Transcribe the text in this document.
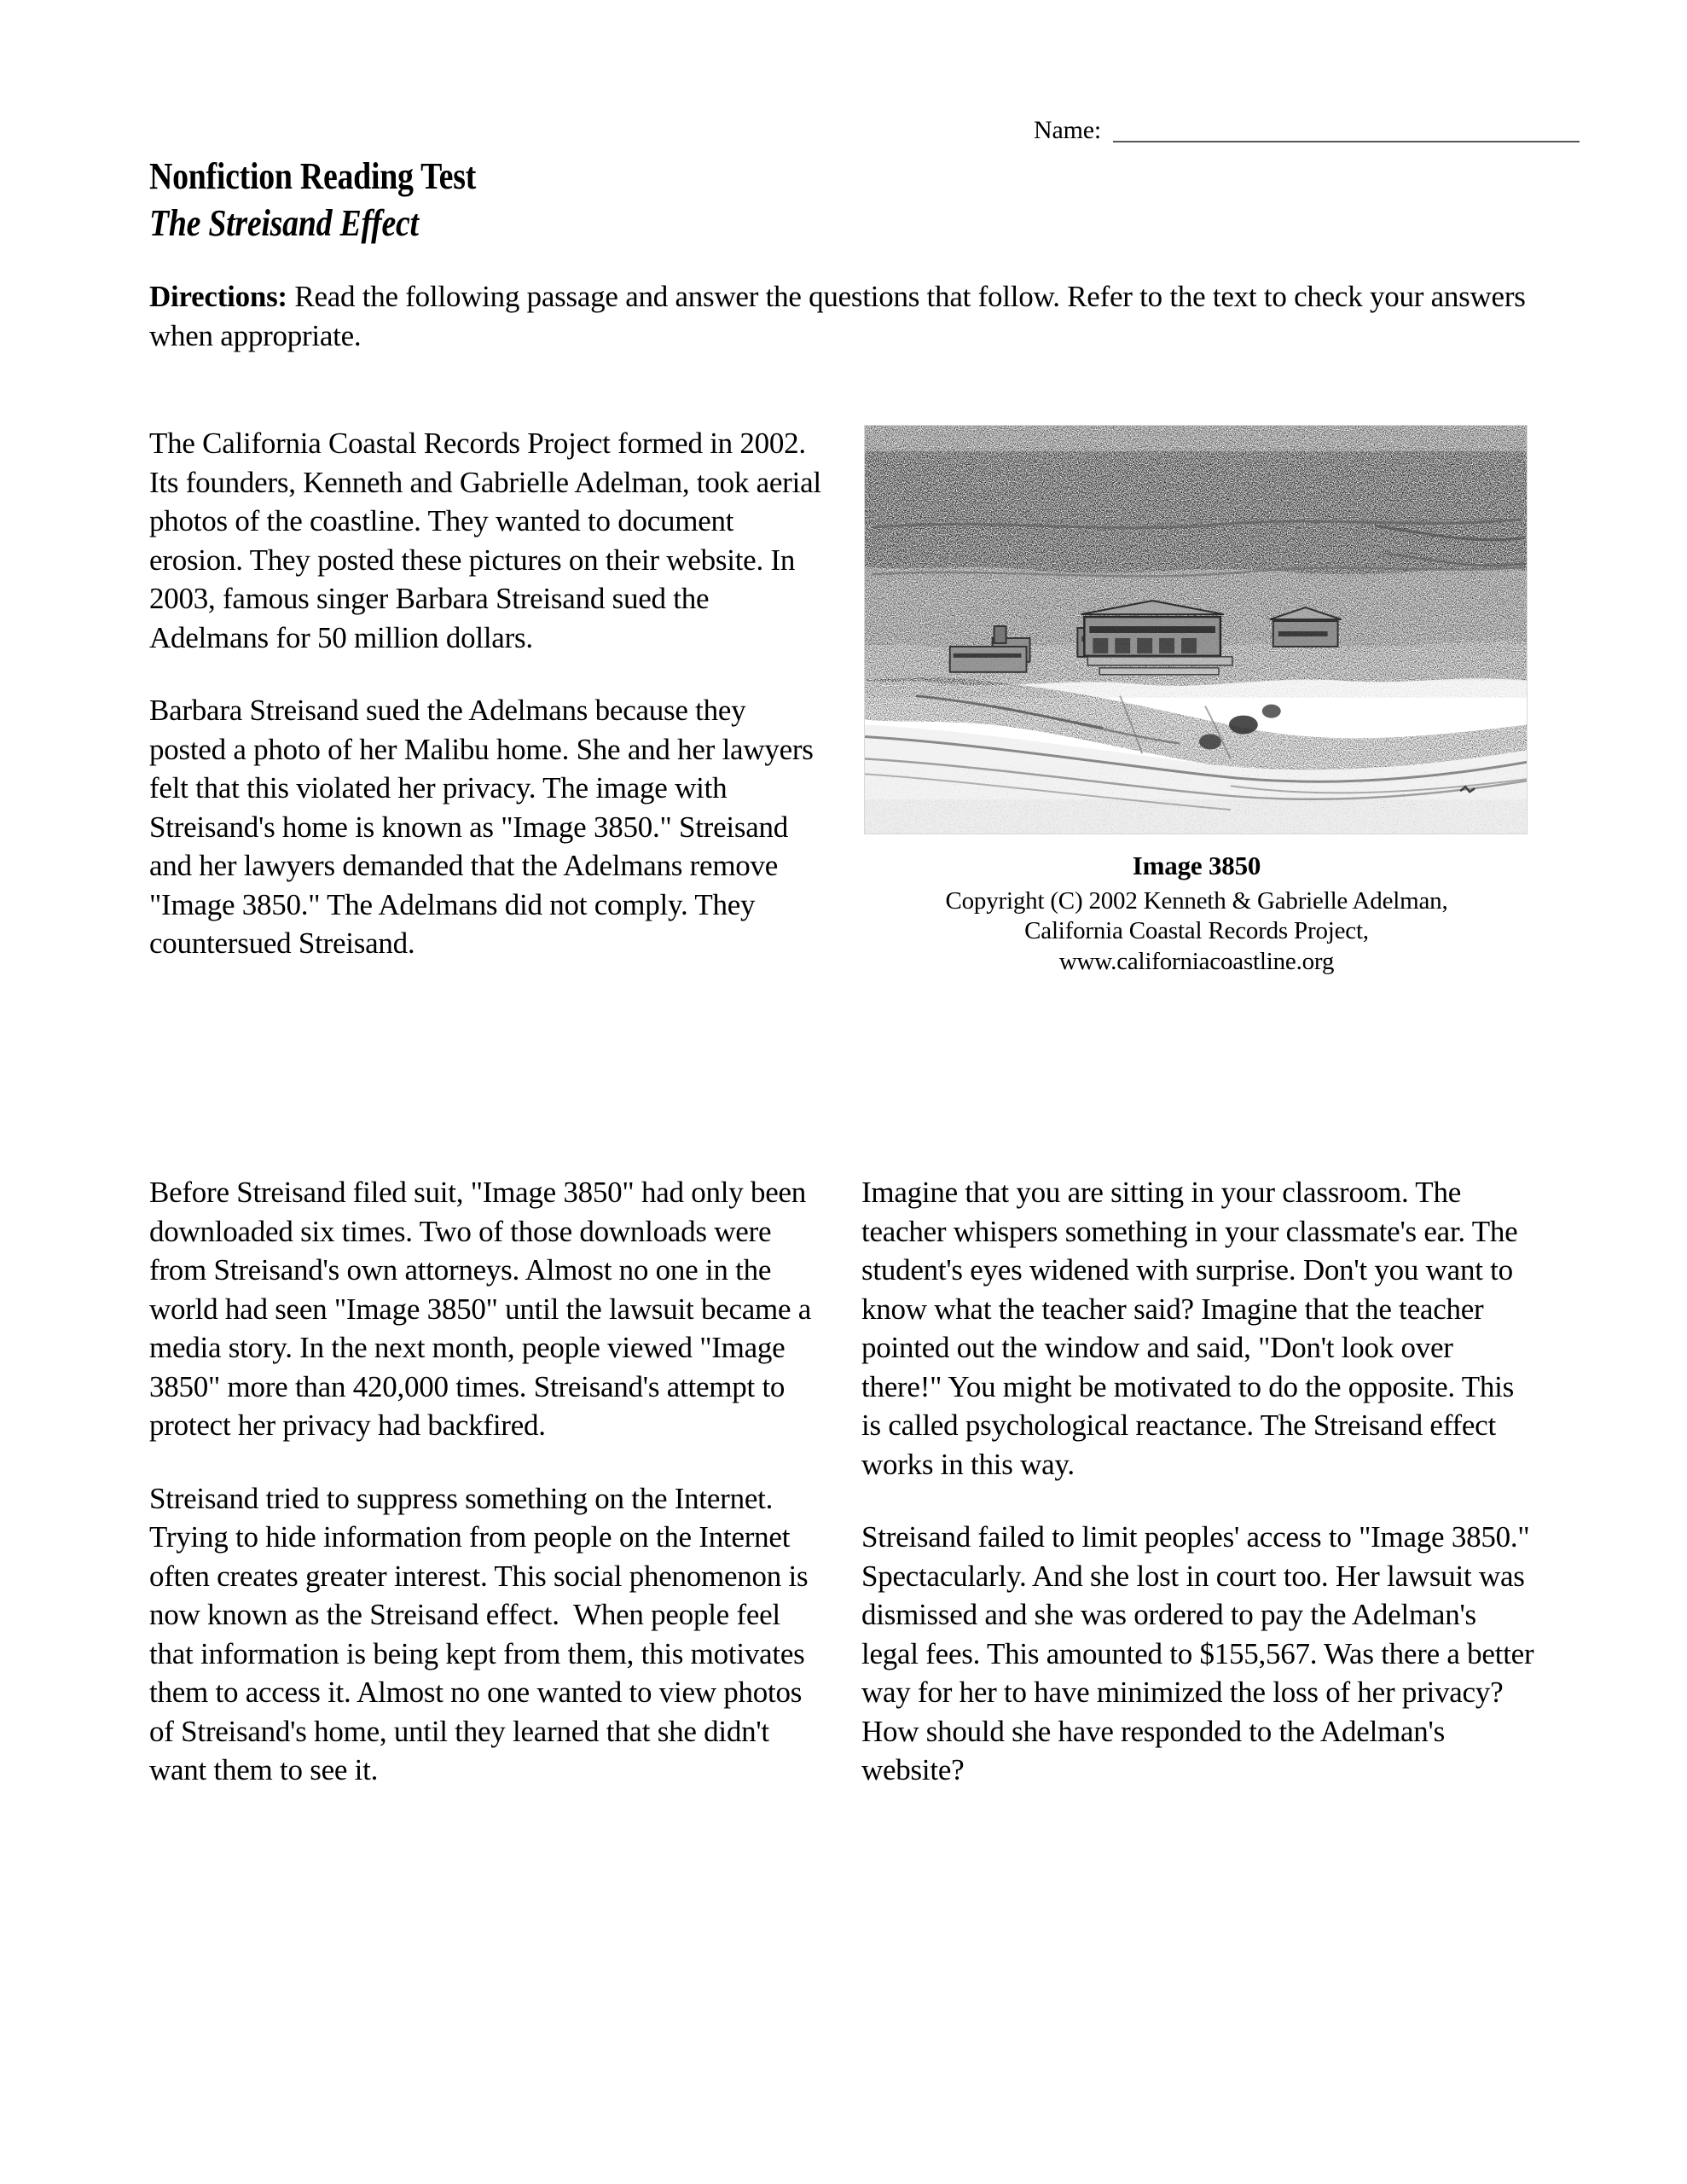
Name:
Nonfiction Reading Test
The Streisand Effect
Directions: Read the following passage and answer the questions that follow. Refer to the text to check your answers when appropriate.
Image 3850
Copyright (C) 2002 Kenneth & Gabrielle Adelman,
California Coastal Records Project,
www.californiacoastline.org

The California Coastal Records Project formed in 2002. Its founders, Kenneth and Gabrielle Adelman, took aerial photos of the coastline. They wanted to document erosion. They posted these pictures on their website. In 2003, famous singer Barbara Streisand sued the Adelmans for 50 million dollars.

Barbara Streisand sued the Adelmans because they posted a photo of her Malibu home. She and her lawyers felt that this violated her privacy. The image with Streisand's home is known as "Image 3850." Streisand and her lawyers demanded that the Adelmans remove "Image 3850." The Adelmans did not comply. They countersued Streisand.

Before Streisand filed suit, "Image 3850" had only been downloaded six times. Two of those downloads were from Streisand's own attorneys. Almost no one in the world had seen "Image 3850" until the lawsuit became a media story. In the next month, people viewed "Image 3850" more than 420,000 times. Streisand's attempt to protect her privacy had backfired.

Streisand tried to suppress something on the Internet. Trying to hide information from people on the Internet often creates greater interest. This social phenomenon is now known as the Streisand effect.  When people feel that information is being kept from them, this motivates them to access it. Almost no one wanted to view photos of Streisand's home, until they learned that she didn't want them to see it.

Imagine that you are sitting in your classroom. The teacher whispers something in your classmate's ear. The student's eyes widened with surprise. Don't you want to know what the teacher said? Imagine that the teacher pointed out the window and said, "Don't look over there!" You might be motivated to do the opposite. This is called psychological reactance. The Streisand effect works in this way.

Streisand failed to limit peoples' access to "Image 3850." Spectacularly. And she lost in court too. Her lawsuit was dismissed and she was ordered to pay the Adelman's legal fees. This amounted to $155,567. Was there a better way for her to have minimized the loss of her privacy? How should she have responded to the Adelman's website?
